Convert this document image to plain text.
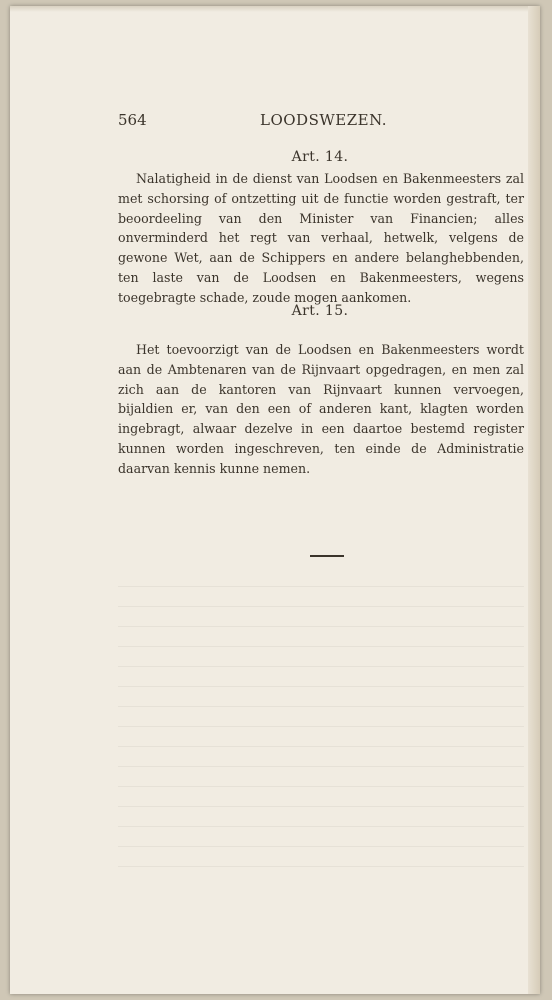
564	LOODSWEZEN.
Art. 14.

Nalatigheid in de dienst van Loodsen en Bakenmeesters zal met schorsing of ontzetting uit de functie worden gestraft, ter beoordeeling van den Minister van Financien; alles onverminderd het regt van verhaal, hetwelk, velgens de gewone Wet, aan de Schippers en andere belanghebbenden, ten laste van de Loodsen en Bakenmeesters, wegens toegebragte schade, zoude mogen aankomen.

Art. 15.

Het toevoorzigt van de Loodsen en Bakenmeesters wordt aan de Ambtenaren van de Rijnvaart opgedragen, en men zal zich aan de kantoren van Rijnvaart kunnen vervoegen, bijaldien er, van den een of anderen kant, klagten worden ingebragt, alwaar dezelve in een daartoe bestemd register kunnen worden ingeschreven, ten einde de Administratie daarvan kennis kunne nemen.
